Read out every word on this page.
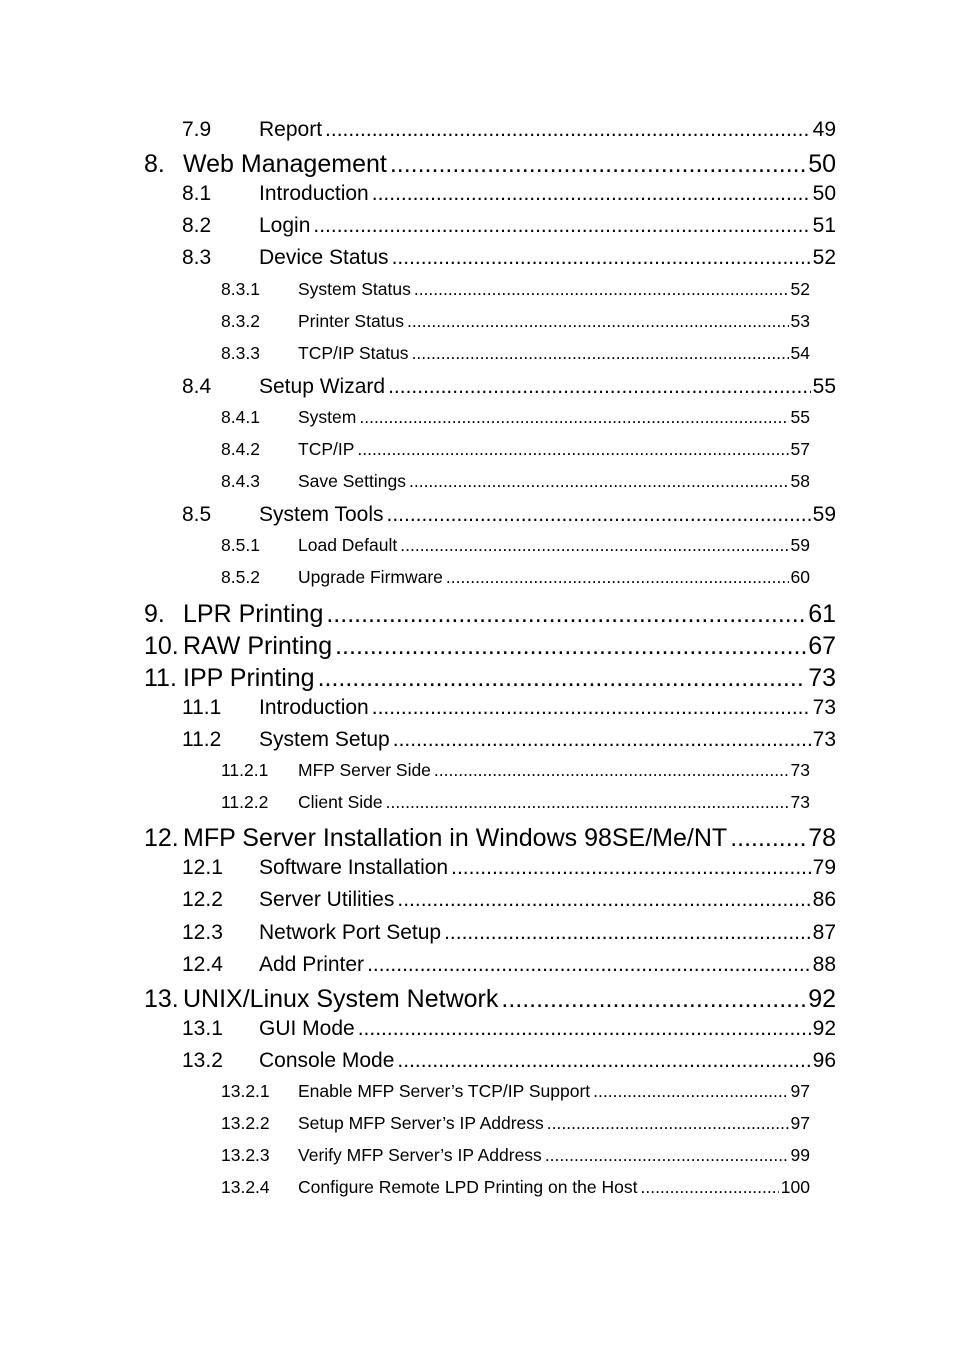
7.9	Report .....	49
8. Web Management .....	50
8.1	Introduction .....	50
8.2	Login .....	51
8.3	Device Status .....	52
8.3.1	System Status .....	52
8.3.2	Printer Status .....	53
8.3.3	TCP/IP Status .....	54
8.4	Setup Wizard .....	55
8.4.1	System .....	55
8.4.2	TCP/IP .....	57
8.4.3	Save Settings .....	58
8.5	System Tools .....	59
8.5.1	Load Default .....	59
8.5.2	Upgrade Firmware .....	60
9. LPR Printing .....	61
10. RAW Printing .....	67
11. IPP Printing .....	73
11.1	Introduction .....	73
11.2	System Setup .....	73
11.2.1	MFP Server Side .....	73
11.2.2	Client Side .....	73
12. MFP Server Installation in Windows 98SE/Me/NT .....	78
12.1	Software Installation .....	79
12.2	Server Utilities .....	86
12.3	Network Port Setup .....	87
12.4	Add Printer .....	88
13. UNIX/Linux System Network .....	92
13.1	GUI Mode .....	92
13.2	Console Mode .....	96
13.2.1	Enable MFP Server’s TCP/IP Support .....	97
13.2.2	Setup MFP Server’s IP Address .....	97
13.2.3	Verify MFP Server’s IP Address .....	99
13.2.4	Configure Remote LPD Printing on the Host .....	100
